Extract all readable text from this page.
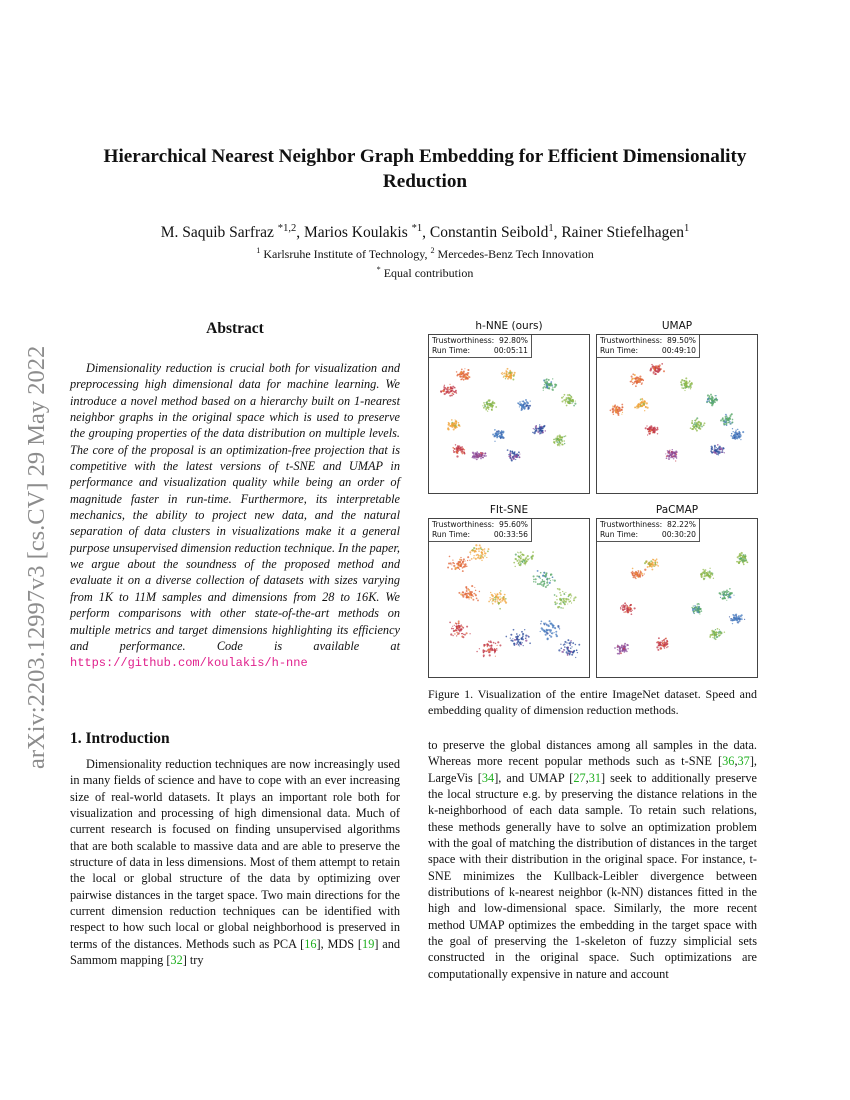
arXiv:2203.12997v3 [cs.CV] 29 May 2022
Hierarchical Nearest Neighbor Graph Embedding for Efficient Dimensionality Reduction
M. Saquib Sarfraz $^{*1,2}$, Marios Koulakis $^{*1}$, Constantin Seibold$^1$, Rainer Stiefelhagen$^1$
$^1$ Karlsruhe Institute of Technology, $^2$ Mercedes-Benz Tech Innovation
* Equal contribution
Abstract
Dimensionality reduction is crucial both for visualization and preprocessing high dimensional data for machine learning. We introduce a novel method based on a hierarchy built on 1-nearest neighbor graphs in the original space which is used to preserve the grouping properties of the data distribution on multiple levels. The core of the proposal is an optimization-free projection that is competitive with the latest versions of t-SNE and UMAP in performance and visualization quality while being an order of magnitude faster in run-time. Furthermore, its interpretable mechanics, the ability to project new data, and the natural separation of data clusters in visualizations make it a general purpose unsupervised dimension reduction technique. In the paper, we argue about the soundness of the proposed method and evaluate it on a diverse collection of datasets with sizes varying from 1K to 11M samples and dimensions from 28 to 16K. We perform comparisons with other state-of-the-art methods on multiple metrics and target dimensions highlighting its efficiency and performance. Code is available at https://github.com/koulakis/h-nne
1. Introduction
Dimensionality reduction techniques are now increasingly used in many fields of science and have to cope with an ever increasing size of real-world datasets. It plays an important role both for visualization and processing of high dimensional data. Much of current research is focused on finding unsupervised algorithms that are both scalable to massive data and are able to preserve the structure of data in less dimensions. Most of them attempt to retain the local or global structure of the data by optimizing over pairwise distances in the target space. Two main directions for the current dimension reduction techniques can be identified with respect to how such local or global neighborhood is preserved in terms of the distances. Methods such as PCA [16], MDS [19] and Sammom mapping [32] try
to preserve the global distances among all samples in the data. Whereas more recent popular methods such as t-SNE [36,37], LargeVis [34], and UMAP [27,31] seek to additionally preserve the local structure e.g. by preserving the distance relations in the k-neighborhood of each data sample. To retain such relations, these methods generally have to solve an optimization problem with the goal of matching the distribution of distances in the target space with their distribution in the original space. For instance, t-SNE minimizes the Kullback-Leibler divergence between distributions of k-nearest neighbor (k-NN) distances fitted in the high and low-dimensional space. Similarly, the more recent method UMAP optimizes the embedding in the target space with the goal of preserving the 1-skeleton of fuzzy simplicial sets constructed in the original space. Such optimizations are computationally expensive in nature and account
h-NNE (ours)
Trustworthiness: 92.80%
Run Time:	00:05:11
UMAP
Trustworthiness: 89.50%
Run Time:	00:49:10
FIt-SNE
Trustworthiness: 95.60%
Run Time:	00:33:56
PaCMAP
Trustworthiness: 82.22%
Run Time:	00:30:20
Figure 1. Visualization of the entire ImageNet dataset. Speed and embedding quality of dimension reduction methods.
